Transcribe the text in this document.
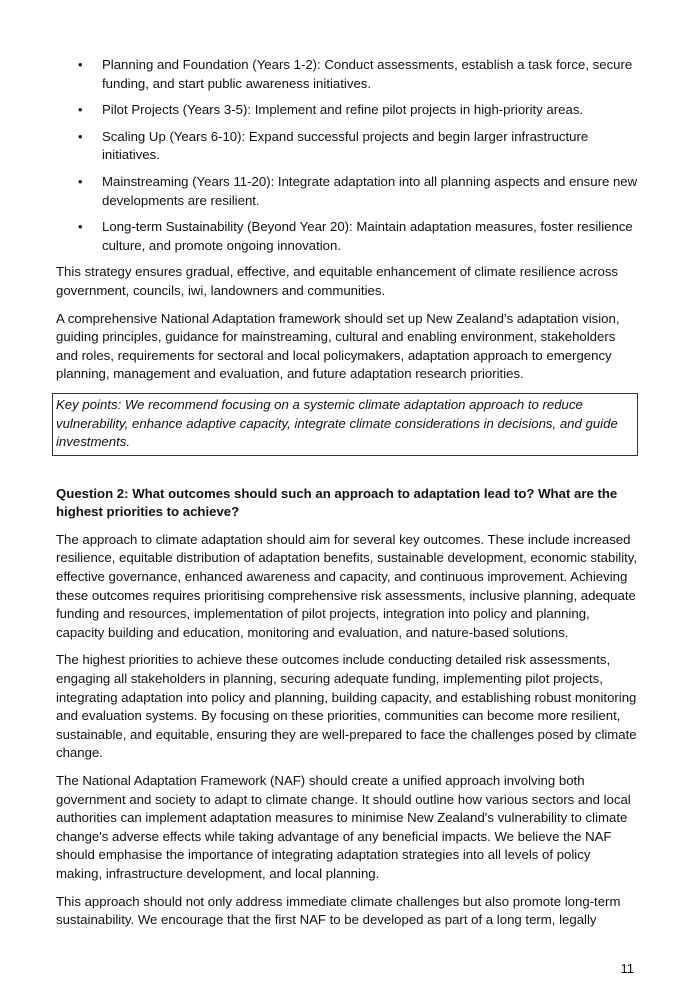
• Planning and Foundation (Years 1-2): Conduct assessments, establish a task force, secure funding, and start public awareness initiatives.
• Pilot Projects (Years 3-5): Implement and refine pilot projects in high-priority areas.
• Scaling Up (Years 6-10): Expand successful projects and begin larger infrastructure initiatives.
• Mainstreaming (Years 11-20): Integrate adaptation into all planning aspects and ensure new developments are resilient.
• Long-term Sustainability (Beyond Year 20): Maintain adaptation measures, foster resilience culture, and promote ongoing innovation.

This strategy ensures gradual, effective, and equitable enhancement of climate resilience across government, councils, iwi, landowners and communities.

A comprehensive National Adaptation framework should set up New Zealand’s adaptation vision, guiding principles, guidance for mainstreaming, cultural and enabling environment, stakeholders and roles, requirements for sectoral and local policymakers, adaptation approach to emergency planning, management and evaluation, and future adaptation research priorities.

Key points: We recommend focusing on a systemic climate adaptation approach to reduce vulnerability, enhance adaptive capacity, integrate climate considerations in decisions, and guide investments.

Question 2: What outcomes should such an approach to adaptation lead to? What are the highest priorities to achieve?

The approach to climate adaptation should aim for several key outcomes. These include increased resilience, equitable distribution of adaptation benefits, sustainable development, economic stability, effective governance, enhanced awareness and capacity, and continuous improvement. Achieving these outcomes requires prioritising comprehensive risk assessments, inclusive planning, adequate funding and resources, implementation of pilot projects, integration into policy and planning, capacity building and education, monitoring and evaluation, and nature-based solutions.

The highest priorities to achieve these outcomes include conducting detailed risk assessments, engaging all stakeholders in planning, securing adequate funding, implementing pilot projects, integrating adaptation into policy and planning, building capacity, and establishing robust monitoring and evaluation systems. By focusing on these priorities, communities can become more resilient, sustainable, and equitable, ensuring they are well-prepared to face the challenges posed by climate change.

The National Adaptation Framework (NAF) should create a unified approach involving both government and society to adapt to climate change. It should outline how various sectors and local authorities can implement adaptation measures to minimise New Zealand's vulnerability to climate change's adverse effects while taking advantage of any beneficial impacts. We believe the NAF should emphasise the importance of integrating adaptation strategies into all levels of policy making, infrastructure development, and local planning.

This approach should not only address immediate climate challenges but also promote long-term sustainability. We encourage that the first NAF to be developed as part of a long term, legally

11
